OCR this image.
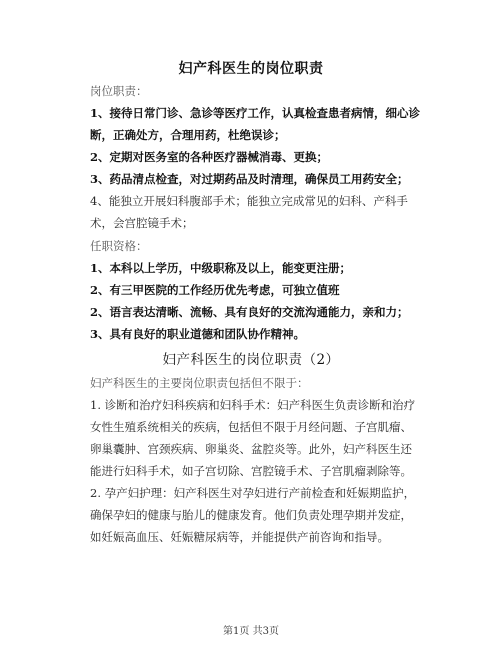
妇产科医生的岗位职责
岗位职责：
1、接待日常门诊、急诊等医疗工作，认真检查患者病情，细心诊断，正确处方，合理用药，杜绝误诊；
2、定期对医务室的各种医疗器械消毒、更换；
3、药品清点检查，对过期药品及时清理，确保员工用药安全；
4、能独立开展妇科腹部手术；能独立完成常见的妇科、产科手术，会宫腔镜手术；
任职资格：
1、本科以上学历，中级职称及以上，能变更注册；
2、有三甲医院的工作经历优先考虑，可独立值班
2、语言表达清晰、流畅、具有良好的交流沟通能力，亲和力；
3、具有良好的职业道德和团队协作精神。
妇产科医生的岗位职责（2）
妇产科医生的主要岗位职责包括但不限于：
1. 诊断和治疗妇科疾病和妇科手术：妇产科医生负责诊断和治疗女性生殖系统相关的疾病，包括但不限于月经问题、子宫肌瘤、卵巢囊肿、宫颈疾病、卵巢炎、盆腔炎等。此外，妇产科医生还能进行妇科手术，如子宫切除、宫腔镜手术、子宫肌瘤剥除等。
2. 孕产妇护理：妇产科医生对孕妇进行产前检查和妊娠期监护，确保孕妇的健康与胎儿的健康发育。他们负责处理孕期并发症，如妊娠高血压、妊娠糖尿病等，并能提供产前咨询和指导。
第1页 共3页
